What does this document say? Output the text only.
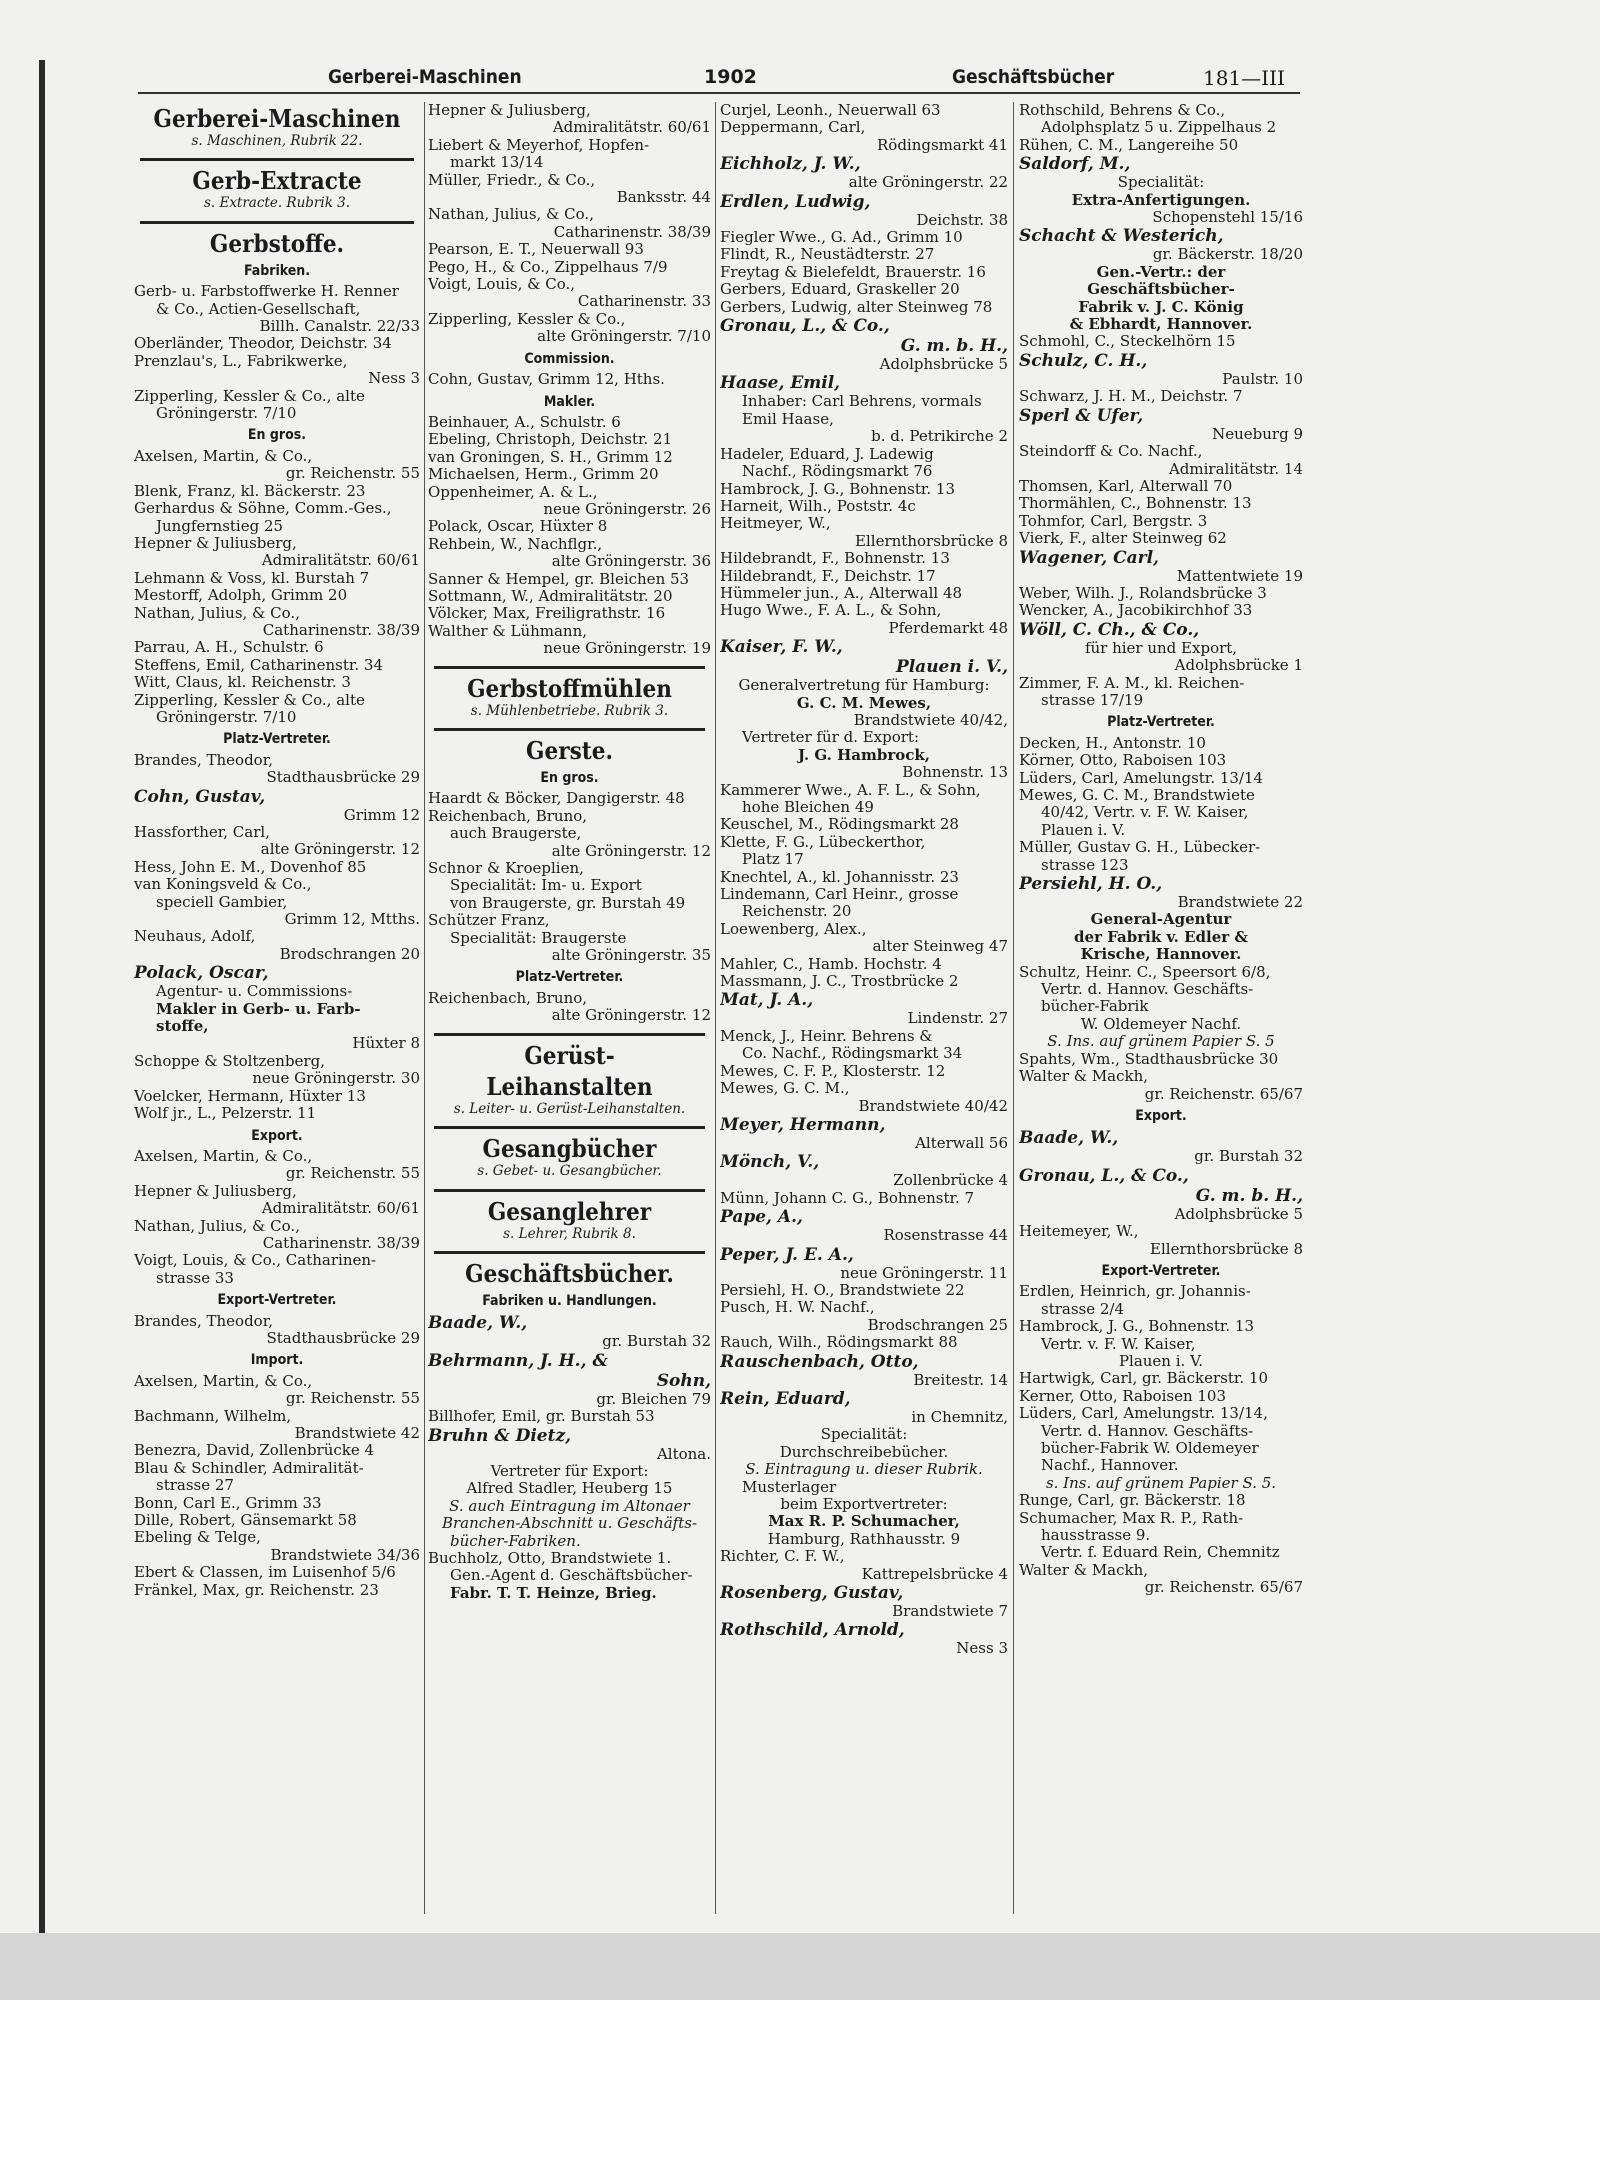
Gerberei-Maschinen	1902	Geschäftsbücher	181—III
Gerberei-Maschinen
s. Maschinen, Rubrik 22.
Gerb-Extracte
s. Extracte. Rubrik 3.
Gerbstoffe.
Fabriken.
Gerb- u. Farbstoffwerke H. Renner
& Co., Actien-Gesellschaft,
Billh. Canalstr. 22/33
Oberländer, Theodor, Deichstr. 34
Prenzlau's, L., Fabrikwerke,
Ness 3
Zipperling, Kessler & Co., alte
Gröningerstr. 7/10
En gros.
Axelsen, Martin, & Co.,
gr. Reichenstr. 55
Blenk, Franz, kl. Bäckerstr. 23
Gerhardus & Söhne, Comm.-Ges.,
Jungfernstieg 25
Hepner & Juliusberg,
Admiralitätstr. 60/61
Lehmann & Voss, kl. Burstah 7
Mestorff, Adolph, Grimm 20
Nathan, Julius, & Co.,
Catharinenstr. 38/39
Parrau, A. H., Schulstr. 6
Steffens, Emil, Catharinenstr. 34
Witt, Claus, kl. Reichenstr. 3
Zipperling, Kessler & Co., alte
Gröningerstr. 7/10
Platz-Vertreter.
Brandes, Theodor,
Stadthausbrücke 29
Cohn, Gustav,
Grimm 12
Hassforther, Carl,
alte Gröningerstr. 12
Hess, John E. M., Dovenhof 85
van Koningsveld & Co.,
speciell Gambier,
Grimm 12, Mtths.
Neuhaus, Adolf,
Brodschrangen 20
Polack, Oscar,
Agentur- u. Commissions-
Makler in Gerb- u. Farb-
stoffe,
Hüxter 8
Schoppe & Stoltzenberg,
neue Gröningerstr. 30
Voelcker, Hermann, Hüxter 13
Wolf jr., L., Pelzerstr. 11
Export.
Axelsen, Martin, & Co.,
gr. Reichenstr. 55
Hepner & Juliusberg,
Admiralitätstr. 60/61
Nathan, Julius, & Co.,
Catharinenstr. 38/39
Voigt, Louis, & Co., Catharinen-
strasse 33
Export-Vertreter.
Brandes, Theodor,
Stadthausbrücke 29
Import.
Axelsen, Martin, & Co.,
gr. Reichenstr. 55
Bachmann, Wilhelm,
Brandstwiete 42
Benezra, David, Zollenbrücke 4
Blau & Schindler, Admiralität-
strasse 27
Bonn, Carl E., Grimm 33
Dille, Robert, Gänsemarkt 58
Ebeling & Telge,
Brandstwiete 34/36
Ebert & Classen, im Luisenhof 5/6
Fränkel, Max, gr. Reichenstr. 23
Hepner & Juliusberg,
Admiralitätstr. 60/61
Liebert & Meyerhof, Hopfen-
markt 13/14
Müller, Friedr., & Co.,
Banksstr. 44
Nathan, Julius, & Co.,
Catharinenstr. 38/39
Pearson, E. T., Neuerwall 93
Pego, H., & Co., Zippelhaus 7/9
Voigt, Louis, & Co.,
Catharinenstr. 33
Zipperling, Kessler & Co.,
alte Gröningerstr. 7/10
Commission.
Cohn, Gustav, Grimm 12, Hths.
Makler.
Beinhauer, A., Schulstr. 6
Ebeling, Christoph, Deichstr. 21
van Groningen, S. H., Grimm 12
Michaelsen, Herm., Grimm 20
Oppenheimer, A. & L.,
neue Gröningerstr. 26
Polack, Oscar, Hüxter 8
Rehbein, W., Nachflgr.,
alte Gröningerstr. 36
Sanner & Hempel, gr. Bleichen 53
Sottmann, W., Admiralitätstr. 20
Völcker, Max, Freiligrathstr. 16
Walther & Lühmann,
neue Gröningerstr. 19
Gerbstoffmühlen
s. Mühlenbetriebe. Rubrik 3.
Gerste.
En gros.
Haardt & Böcker, Dangigerstr. 48
Reichenbach, Bruno,
auch Braugerste,
alte Gröningerstr. 12
Schnor & Kroeplien,
Specialität: Im- u. Export
von Braugerste, gr. Burstah 49
Schützer Franz,
Specialität: Braugerste
alte Gröningerstr. 35
Platz-Vertreter.
Reichenbach, Bruno,
alte Gröningerstr. 12
Gerüst-
Leihanstalten
s. Leiter- u. Gerüst-Leihanstalten.
Gesangbücher
s. Gebet- u. Gesangbücher.
Gesanglehrer
s. Lehrer, Rubrik 8.
Geschäftsbücher.
Fabriken u. Handlungen.
Baade, W.,
gr. Burstah 32
Behrmann, J. H., &
Sohn,
gr. Bleichen 79
Billhofer, Emil, gr. Burstah 53
Bruhn & Dietz,
Altona.
Vertreter für Export:
Alfred Stadler, Heuberg 15
S. auch Eintragung im Altonaer
Branchen-Abschnitt u. Geschäfts-
bücher-Fabriken.
Buchholz, Otto, Brandstwiete 1.
Gen.-Agent d. Geschäftsbücher-
Fabr. T. T. Heinze, Brieg.
Curjel, Leonh., Neuerwall 63
Deppermann, Carl,
Rödingsmarkt 41
Eichholz, J. W.,
alte Gröningerstr. 22
Erdlen, Ludwig,
Deichstr. 38
Fiegler Wwe., G. Ad., Grimm 10
Flindt, R., Neustädterstr. 27
Freytag & Bielefeldt, Brauerstr. 16
Gerbers, Eduard, Graskeller 20
Gerbers, Ludwig, alter Steinweg 78
Gronau, L., & Co.,
G. m. b. H.,
Adolphsbrücke 5
Haase, Emil,
Inhaber: Carl Behrens, vormals
Emil Haase,
b. d. Petrikirche 2
Hadeler, Eduard, J. Ladewig
Nachf., Rödingsmarkt 76
Hambrock, J. G., Bohnenstr. 13
Harneit, Wilh., Poststr. 4c
Heitmeyer, W.,
Ellernthorsbrücke 8
Hildebrandt, F., Bohnenstr. 13
Hildebrandt, F., Deichstr. 17
Hümmeler jun., A., Alterwall 48
Hugo Wwe., F. A. L., & Sohn,
Pferdemarkt 48
Kaiser, F. W.,
Plauen i. V.,
Generalvertretung für Hamburg:
G. C. M. Mewes,
Brandstwiete 40/42,
Vertreter für d. Export:
J. G. Hambrock,
Bohnenstr. 13
Kammerer Wwe., A. F. L., & Sohn,
hohe Bleichen 49
Keuschel, M., Rödingsmarkt 28
Klette, F. G., Lübeckerthor,
Platz 17
Knechtel, A., kl. Johannisstr. 23
Lindemann, Carl Heinr., grosse
Reichenstr. 20
Loewenberg, Alex.,
alter Steinweg 47
Mahler, C., Hamb. Hochstr. 4
Massmann, J. C., Trostbrücke 2
Mat, J. A.,
Lindenstr. 27
Menck, J., Heinr. Behrens &
Co. Nachf., Rödingsmarkt 34
Mewes, C. F. P., Klosterstr. 12
Mewes, G. C. M.,
Brandstwiete 40/42
Meyer, Hermann,
Alterwall 56
Mönch, V.,
Zollenbrücke 4
Münn, Johann C. G., Bohnenstr. 7
Pape, A.,
Rosenstrasse 44
Peper, J. E. A.,
neue Gröningerstr. 11
Persiehl, H. O., Brandstwiete 22
Pusch, H. W. Nachf.,
Brodschrangen 25
Rauch, Wilh., Rödingsmarkt 88
Rauschenbach, Otto,
Breitestr. 14
Rein, Eduard,
in Chemnitz,
Specialität:
Durchschreibebücher.
S. Eintragung u. dieser Rubrik.
Musterlager
beim Exportvertreter:
Max R. P. Schumacher,
Hamburg, Rathhausstr. 9
Richter, C. F. W.,
Kattrepelsbrücke 4
Rosenberg, Gustav,
Brandstwiete 7
Rothschild, Arnold,
Ness 3
Rothschild, Behrens & Co.,
Adolphsplatz 5 u. Zippelhaus 2
Rühen, C. M., Langereihe 50
Saldorf, M.,
Specialität:
Extra-Anfertigungen.
Schopenstehl 15/16
Schacht & Westerich,
gr. Bäckerstr. 18/20
Gen.-Vertr.: der
Geschäftsbücher-
Fabrik v. J. C. König
& Ebhardt, Hannover.
Schmohl, C., Steckelhörn 15
Schulz, C. H.,
Paulstr. 10
Schwarz, J. H. M., Deichstr. 7
Sperl & Ufer,
Neueburg 9
Steindorff & Co. Nachf.,
Admiralitätstr. 14
Thomsen, Karl, Alterwall 70
Thormählen, C., Bohnenstr. 13
Tohmfor, Carl, Bergstr. 3
Vierk, F., alter Steinweg 62
Wagener, Carl,
Mattentwiete 19
Weber, Wilh. J., Rolandsbrücke 3
Wencker, A., Jacobikirchhof 33
Wöll, C. Ch., & Co.,
für hier und Export,
Adolphsbrücke 1
Zimmer, F. A. M., kl. Reichen-
strasse 17/19
Platz-Vertreter.
Decken, H., Antonstr. 10
Körner, Otto, Raboisen 103
Lüders, Carl, Amelungstr. 13/14
Mewes, G. C. M., Brandstwiete
40/42, Vertr. v. F. W. Kaiser,
Plauen i. V.
Müller, Gustav G. H., Lübecker-
strasse 123
Persiehl, H. O.,
Brandstwiete 22
General-Agentur
der Fabrik v. Edler &
Krische, Hannover.
Schultz, Heinr. C., Speersort 6/8,
Vertr. d. Hannov. Geschäfts-
bücher-Fabrik
W. Oldemeyer Nachf.
S. Ins. auf grünem Papier S. 5
Spahts, Wm., Stadthausbrücke 30
Walter & Mackh,
gr. Reichenstr. 65/67
Export.
Baade, W.,
gr. Burstah 32
Gronau, L., & Co.,
G. m. b. H.,
Adolphsbrücke 5
Heitemeyer, W.,
Ellernthorsbrücke 8
Export-Vertreter.
Erdlen, Heinrich, gr. Johannis-
strasse 2/4
Hambrock, J. G., Bohnenstr. 13
Vertr. v. F. W. Kaiser,
Plauen i. V.
Hartwigk, Carl, gr. Bäckerstr. 10
Kerner, Otto, Raboisen 103
Lüders, Carl, Amelungstr. 13/14,
Vertr. d. Hannov. Geschäfts-
bücher-Fabrik W. Oldemeyer
Nachf., Hannover.
s. Ins. auf grünem Papier S. 5.
Runge, Carl, gr. Bäckerstr. 18
Schumacher, Max R. P., Rath-
hausstrasse 9.
Vertr. f. Eduard Rein, Chemnitz
Walter & Mackh,
gr. Reichenstr. 65/67
